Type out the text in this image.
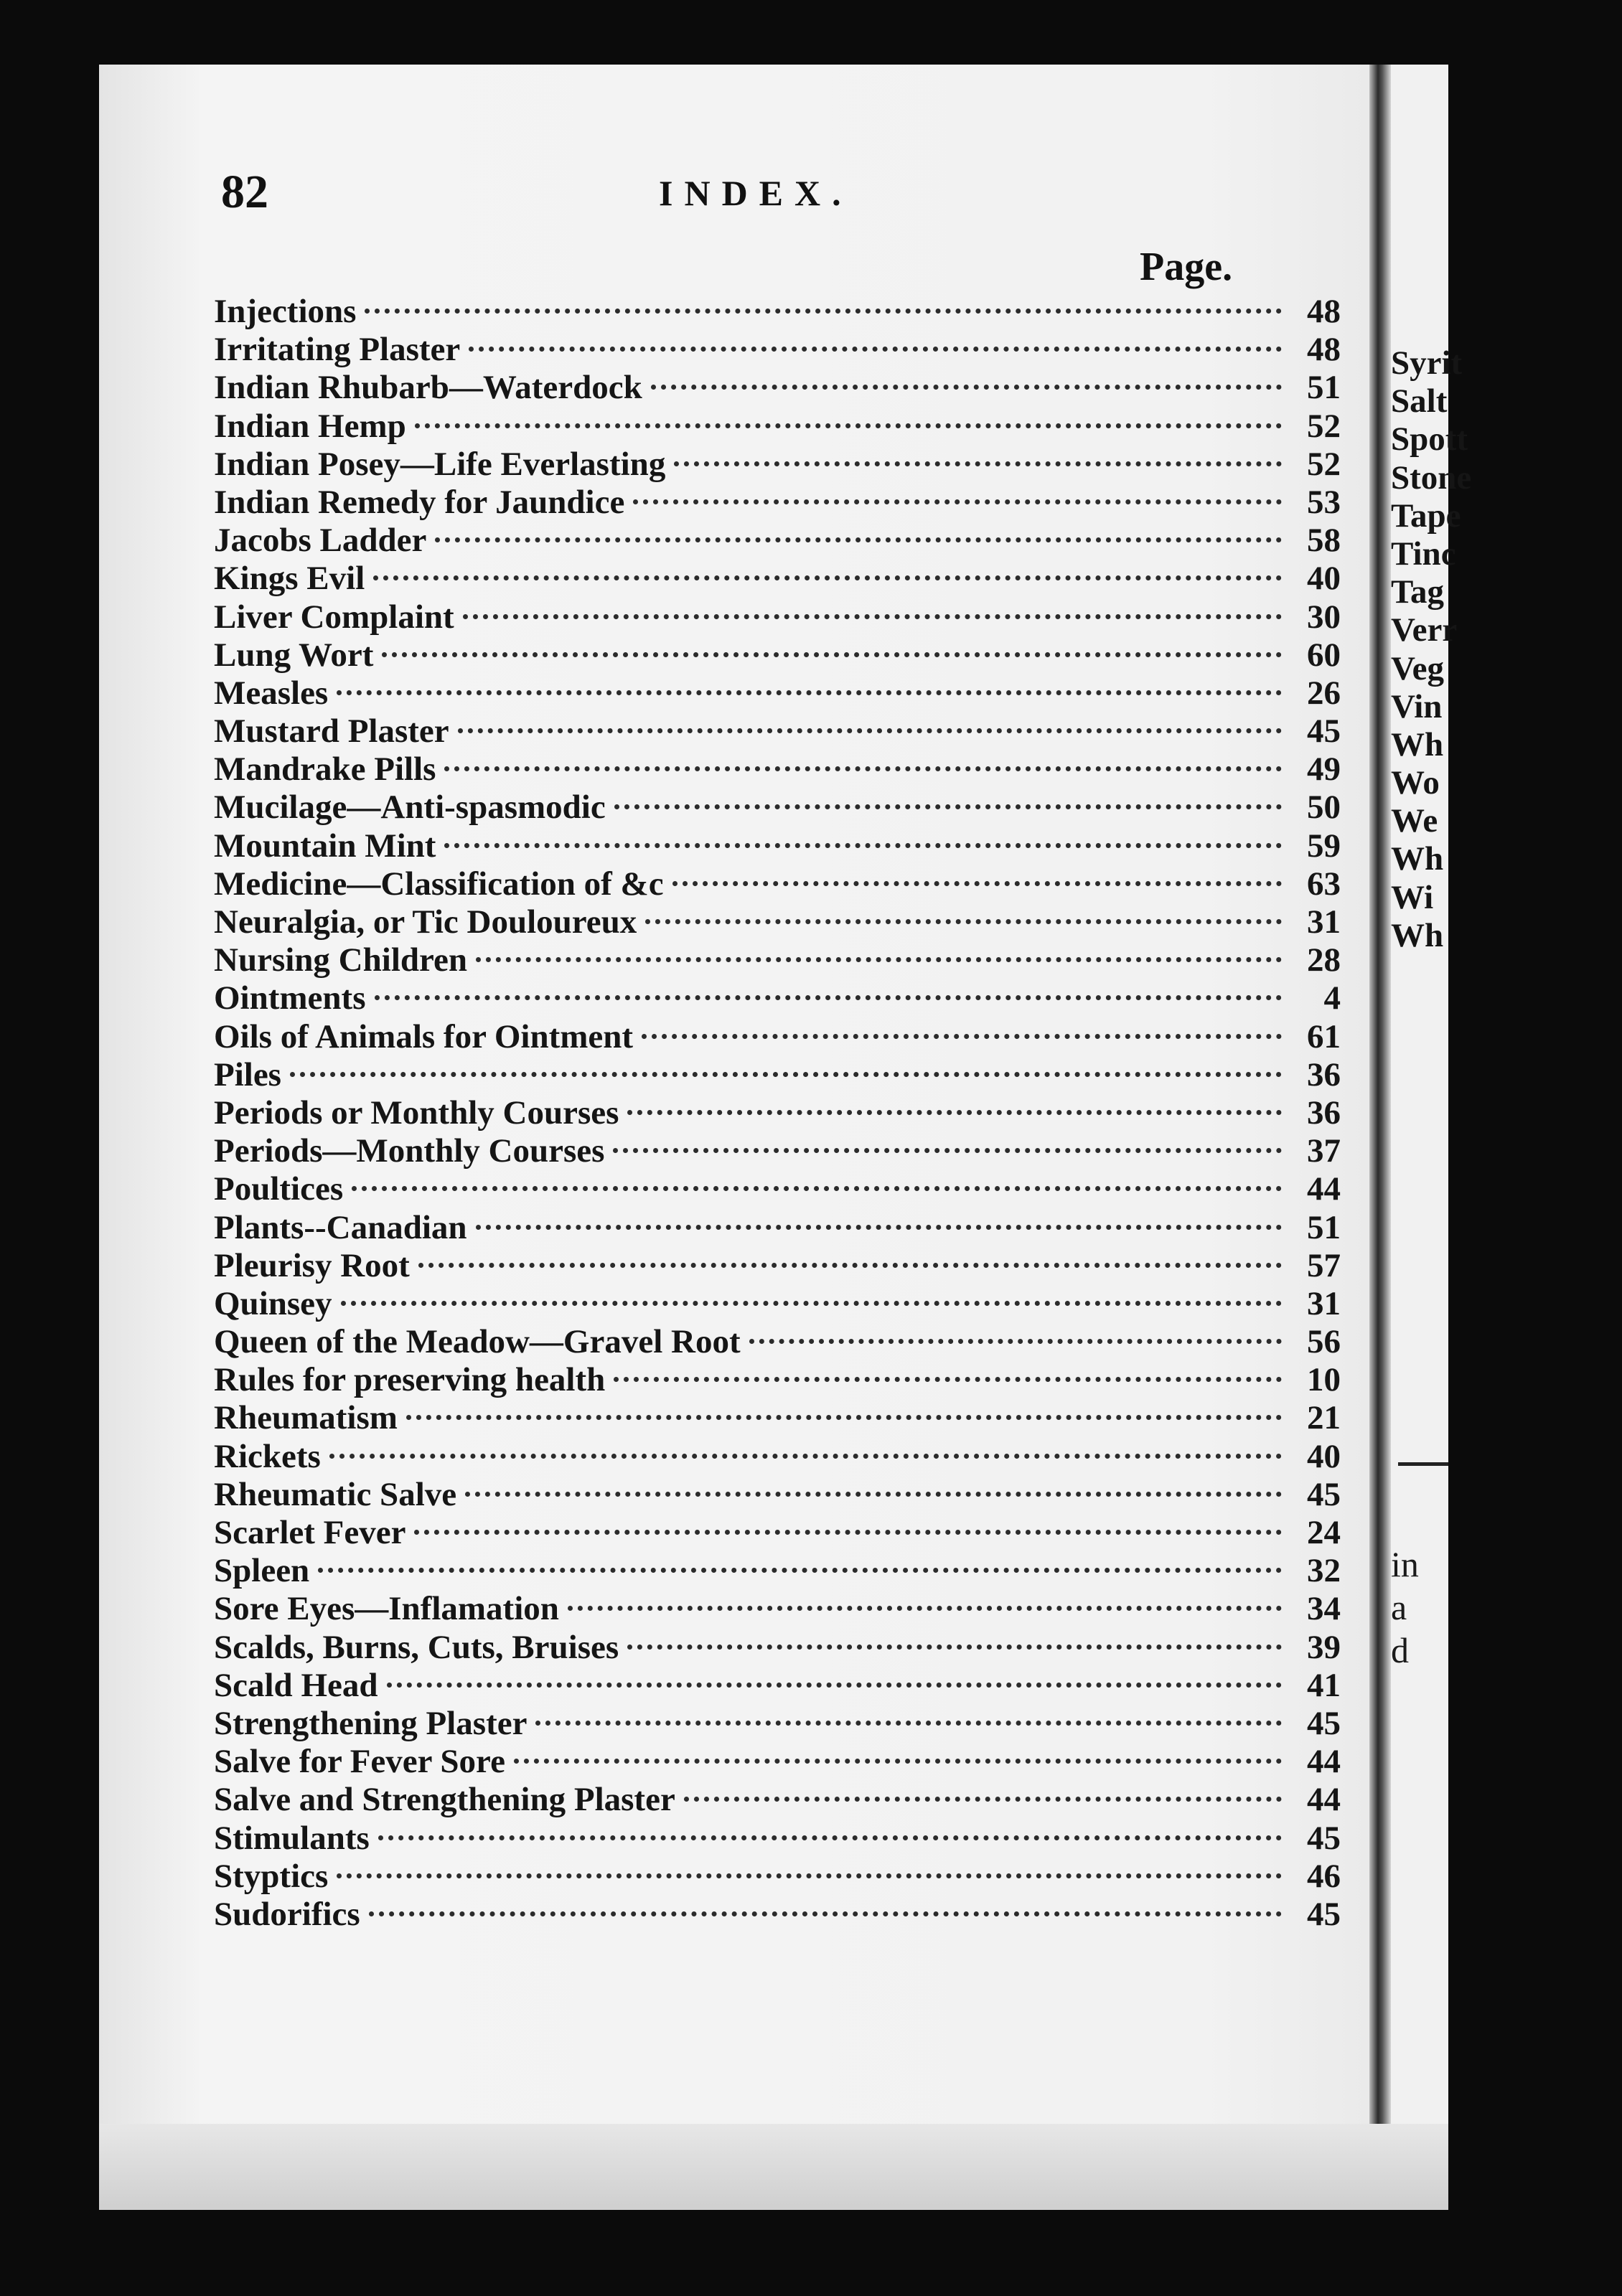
82	INDEX.
Page.
Injections	48
Irritating Plaster	48
Indian Rhubarb—Waterdock	51
Indian Hemp	52
Indian Posey—Life Everlasting	52
Indian Remedy for Jaundice	53
Jacobs Ladder	58
Kings Evil	40
Liver Complaint	30
Lung Wort	60
Measles	26
Mustard Plaster	45
Mandrake Pills	49
Mucilage—Anti-spasmodic	50
Mountain Mint	59
Medicine—Classification of &c	63
Neuralgia, or Tic Douloureux	31
Nursing Children	28
Ointments	4
Oils of Animals for Ointment	61
Piles	36
Periods or Monthly Courses	36
Periods—Monthly Courses	37
Poultices	44
Plants--Canadian	51
Pleurisy Root	57
Quinsey	31
Queen of the Meadow—Gravel Root	56
Rules for preserving health	10
Rheumatism	21
Rickets	40
Rheumatic Salve	45
Scarlet Fever	24
Spleen	32
Sore Eyes—Inflamation	34
Scalds, Burns, Cuts, Bruises	39
Scald Head	41
Strengthening Plaster	45
Salve for Fever Sore	44
Salve and Strengthening Plaster	44
Stimulants	45
Styptics	46
Sudorifics	45
Syrit
Salt
Spott
Stone
Tape
Tinc
Tag
Verr
Veg
Vin
Wh
Wo
We
Wh
Wi
Wh
in
a
d
